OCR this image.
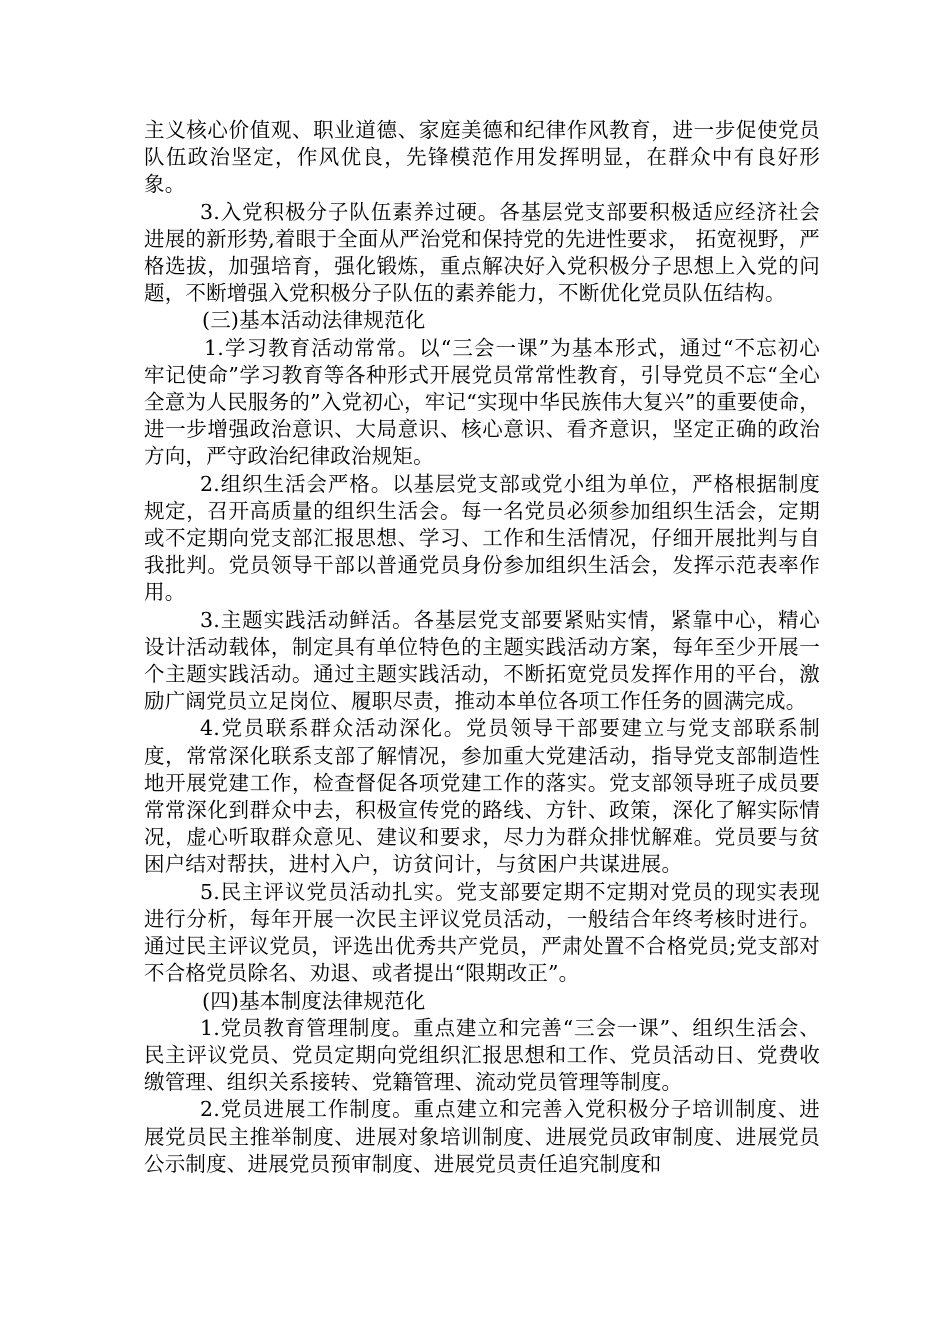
主义核心价值观、职业道德、家庭美德和纪律作风教育，进一步促使党员队伍政治坚定，作风优良，先锋模范作用发挥明显，在群众中有良好形象。

3.入党积极分子队伍素养过硬。各基层党支部要积极适应经济社会进展的新形势,着眼于全面从严治党和保持党的先进性要求， 拓宽视野，严格选拔，加强培育，强化锻炼，重点解决好入党积极分子思想上入党的问题，不断增强入党积极分子队伍的素养能力，不断优化党员队伍结构。

(三)基本活动法律规范化

1.学习教育活动常常。以“三会一课”为基本形式，通过“不忘初心 牢记使命”学习教育等各种形式开展党员常常性教育，引导党员不忘“全心全意为人民服务的”入党初心，牢记“实现中华民族伟大复兴”的重要使命，进一步增强政治意识、大局意识、核心意识、看齐意识，坚定正确的政治方向，严守政治纪律政治规矩。

2.组织生活会严格。以基层党支部或党小组为单位，严格根据制度规定，召开高质量的组织生活会。每一名党员必须参加组织生活会，定期或不定期向党支部汇报思想、学习、工作和生活情况，仔细开展批判与自我批判。党员领导干部以普通党员身份参加组织生活会，发挥示范表率作用。

3.主题实践活动鲜活。各基层党支部要紧贴实情，紧靠中心，精心设计活动载体，制定具有单位特色的主题实践活动方案，每年至少开展一个主题实践活动。通过主题实践活动，不断拓宽党员发挥作用的平台，激励广阔党员立足岗位、履职尽责，推动本单位各项工作任务的圆满完成。

4.党员联系群众活动深化。党员领导干部要建立与党支部联系制度，常常深化联系支部了解情况，参加重大党建活动，指导党支部制造性地开展党建工作，检查督促各项党建工作的落实。党支部领导班子成员要常常深化到群众中去，积极宣传党的路线、方针、政策，深化了解实际情况，虚心听取群众意见、建议和要求，尽力为群众排忧解难。党员要与贫困户结对帮扶，进村入户，访贫问计，与贫困户共谋进展。

5.民主评议党员活动扎实。党支部要定期不定期对党员的现实表现进行分析，每年开展一次民主评议党员活动，一般结合年终考核时进行。通过民主评议党员，评选出优秀共产党员，严肃处置不合格党员;党支部对不合格党员除名、劝退、或者提出“限期改正”。

(四)基本制度法律规范化

1.党员教育管理制度。重点建立和完善“三会一课”、组织生活会、民主评议党员、党员定期向党组织汇报思想和工作、党员活动日、党费收缴管理、组织关系接转、党籍管理、流动党员管理等制度。

2.党员进展工作制度。重点建立和完善入党积极分子培训制度、进展党员民主推举制度、进展对象培训制度、进展党员政审制度、进展党员公示制度、进展党员预审制度、进展党员责任追究制度和
